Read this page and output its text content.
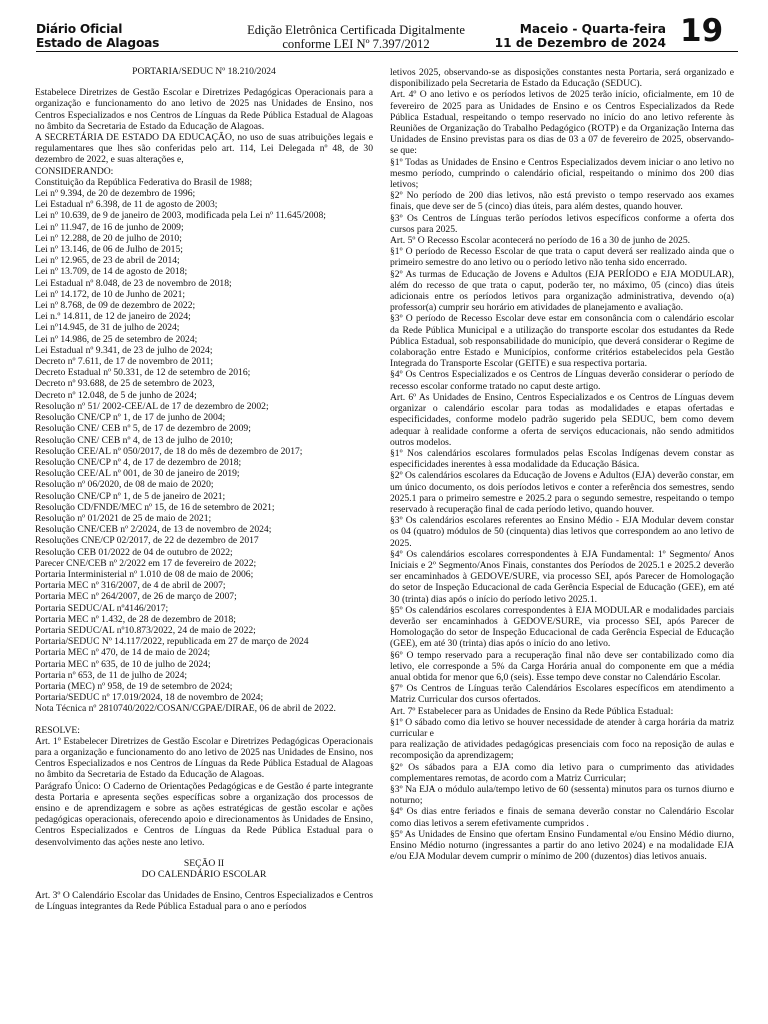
Diário Oficial
Estado de Alagoas
Edição Eletrônica Certificada Digitalmente
conforme LEI Nº 7.397/2012
Maceio - Quarta-feira
11 de Dezembro de 2024 19

PORTARIA/SEDUC Nº 18.210/2024

Estabelece Diretrizes de Gestão Escolar e Diretrizes Pedagógicas Operacionais para a organização e funcionamento do ano letivo de 2025 nas Unidades de Ensino, nos Centros Especializados e nos Centros de Línguas da Rede Pública Estadual de Alagoas no âmbito da Secretaria de Estado da Educação de Alagoas.

A SECRETÁRIA DE ESTADO DA EDUCAÇÃO, no uso de suas atribuições legais e regulamentares que lhes são conferidas pelo art. 114, Lei Delegada nº 48, de 30 dezembro de 2022, e suas alterações e,

CONSIDERANDO:

Constituição da República Federativa do Brasil de 1988;

Lei nº 9.394, de 20 de dezembro de 1996;

Lei Estadual nº 6.398, de 11 de agosto de 2003;

Lei nº 10.639, de 9 de janeiro de 2003, modificada pela Lei nº 11.645/2008;

Lei nº 11.947, de 16 de junho de 2009;

Lei nº 12.288, de 20 de julho de 2010;

Lei nº 13.146, de 06 de Julho de 2015;

Lei nº 12.965, de 23 de abril de 2014;

Lei nº 13.709, de 14 de agosto de 2018;

Lei Estadual nº 8.048, de 23 de novembro de 2018;

Lei nº 14.172, de 10 de Junho de 2021;

Lei nº 8.768, de 09 de dezembro de 2022;

Lei n.º 14.811, de 12 de janeiro de 2024;

Lei nº14.945, de 31 de julho de 2024;

Lei nº 14.986, de 25 de setembro de 2024;

Lei Estadual nº 9.341, de 23 de julho de 2024;

Decreto nº 7.611, de 17 de novembro de 2011;

Decreto Estadual nº 50.331, de 12 de setembro de 2016;

Decreto nº 93.688, de 25 de setembro de 2023,

Decreto nº 12.048, de 5 de junho de 2024;

Resolução nº 51/ 2002-CEE/AL de 17 de dezembro de 2002;

Resolução CNE/CP nº 1, de 17 de junho de 2004;

Resolução CNE/ CEB nº 5, de 17 de dezembro de 2009;

Resolução CNE/ CEB nº 4, de 13 de julho de 2010;

Resolução CEE/AL nº 050/2017, de 18 do mês de dezembro de 2017;

Resolução CNE/CP nº 4, de 17 de dezembro de 2018;

Resolução CEE/AL nº 001, de 30 de janeiro de 2019;

Resolução nº 06/2020, de 08 de maio de 2020;

Resolução CNE/CP nº 1, de 5 de janeiro de 2021;

Resolução CD/FNDE/MEC nº 15, de 16 de setembro de 2021;

Resolução nº 01/2021 de 25 de maio de 2021;

Resolução CNE/CEB nº 2/2024, de 13 de novembro de 2024;

Resoluções CNE/CP 02/2017, de 22 de dezembro de 2017

Resolução CEB 01/2022 de 04 de outubro de 2022;

Parecer CNE/CEB nº 2/2022 em 17 de fevereiro de 2022;

Portaria Interministerial nº 1.010 de 08 de maio de 2006;

Portaria MEC nº 316/2007, de 4 de abril de 2007;

Portaria MEC nº 264/2007, de 26 de março de 2007;

Portaria SEDUC/AL nº4146/2017;

Portaria MEC nº 1.432, de 28 de dezembro de 2018;

Portaria SEDUC/AL nº10.873/2022, 24 de maio de 2022;

Portaria/SEDUC Nº 14.117/2022, republicada em 27 de março de 2024

Portaria MEC nº 470, de 14 de maio de 2024;

Portaria MEC nº 635, de 10 de julho de 2024;

Portaria nº 653, de 11 de julho de 2024;

Portaria (MEC) nº 958, de 19 de setembro de 2024;

Portaria/SEDUC nº 17.019/2024, 18 de novembro de 2024;

Nota Técnica nº 2810740/2022/COSAN/CGPAE/DIRAE, 06 de abril de 2022.

RESOLVE:

Art. 1º Estabelecer Diretrizes de Gestão Escolar e Diretrizes Pedagógicas Operacionais para a organização e funcionamento do ano letivo de 2025 nas Unidades de Ensino, nos Centros Especializados e nos Centros de Línguas da Rede Pública Estadual de Alagoas no âmbito da Secretaria de Estado da Educação de Alagoas.

Parágrafo Único: O Caderno de Orientações Pedagógicas e de Gestão é parte integrante desta Portaria e apresenta seções específicas sobre a organização dos processos de ensino e de aprendizagem e sobre as ações estratégicas de gestão escolar e ações pedagógicas operacionais, oferecendo apoio e direcionamentos às Unidades de Ensino, Centros Especializados e Centros de Línguas da Rede Pública Estadual para o desenvolvimento das ações neste ano letivo.

SEÇÃO II

DO CALENDÁRIO ESCOLAR

Art. 3º O Calendário Escolar das Unidades de Ensino, Centros Especializados e Centros de Línguas integrantes da Rede Pública Estadual para o ano e períodos

letivos 2025, observando-se as disposições constantes nesta Portaria, será organizado e disponibilizado pela Secretaria de Estado da Educação (SEDUC).

Art. 4º O ano letivo e os períodos letivos de 2025 terão início, oficialmente, em 10 de fevereiro de 2025 para as Unidades de Ensino e os Centros Especializados da Rede Pública Estadual, respeitando o tempo reservado no início do ano letivo referente às Reuniões de Organização do Trabalho Pedagógico (ROTP) e da Organização Interna das Unidades de Ensino previstas para os dias de 03 a 07 de fevereiro de 2025, observando-se que:

§1º Todas as Unidades de Ensino e Centros Especializados devem iniciar o ano letivo no mesmo período, cumprindo o calendário oficial, respeitando o mínimo dos 200 dias letivos;

§2º No período de 200 dias letivos, não está previsto o tempo reservado aos exames finais, que deve ser de 5 (cinco) dias úteis, para além destes, quando houver.

§3º Os Centros de Línguas terão períodos letivos específicos conforme a oferta dos cursos para 2025.

Art. 5º O Recesso Escolar acontecerá no período de 16 a 30 de junho de 2025.

§1º O período de Recesso Escolar de que trata o caput deverá ser realizado ainda que o primeiro semestre do ano letivo ou o período letivo não tenha sido encerrado.

§2º As turmas de Educação de Jovens e Adultos (EJA PERÍODO e EJA MODULAR), além do recesso de que trata o caput, poderão ter, no máximo, 05 (cinco) dias úteis adicionais entre os períodos letivos para organização administrativa, devendo o(a) professor(a) cumprir seu horário em atividades de planejamento e avaliação.

§3º O período de Recesso Escolar deve estar em consonância com o calendário escolar da Rede Pública Municipal e a utilização do transporte escolar dos estudantes da Rede Pública Estadual, sob responsabilidade do município, que deverá considerar o Regime de colaboração entre Estado e Municípios, conforme critérios estabelecidos pela Gestão Integrada do Transporte Escolar (GEITE) e sua respectiva portaria.

§4º Os Centros Especializados e os Centros de Línguas deverão considerar o período de recesso escolar conforme tratado no caput deste artigo.

Art. 6º As Unidades de Ensino, Centros Especializados e os Centros de Línguas devem organizar o calendário escolar para todas as modalidades e etapas ofertadas e especificidades, conforme modelo padrão sugerido pela SEDUC, bem como devem adequar à realidade conforme a oferta de serviços educacionais, não sendo admitidos outros modelos.

§1º Nos calendários escolares formulados pelas Escolas Indígenas devem constar as especificidades inerentes à essa modalidade da Educação Básica.

§2º Os calendários escolares da Educação de Jovens e Adultos (EJA) deverão constar, em um único documento, os dois períodos letivos e conter a referência dos semestres, sendo 2025.1 para o primeiro semestre e 2025.2 para o segundo semestre, respeitando o tempo reservado à recuperação final de cada período letivo, quando houver.

§3º Os calendários escolares referentes ao Ensino Médio - EJA Modular devem constar os 04 (quatro) módulos de 50 (cinquenta) dias letivos que correspondem ao ano letivo de 2025.

§4º Os calendários escolares correspondentes à EJA Fundamental: 1º Segmento/ Anos Iniciais e 2º Segmento/Anos Finais, constantes dos Períodos de 2025.1 e 2025.2 deverão ser encaminhados à GEDOVE/SURE, via processo SEI, após Parecer de Homologação do setor de Inspeção Educacional de cada Gerência Especial de Educação (GEE), em até 30 (trinta) dias após o início do período letivo 2025.1.

§5º Os calendários escolares correspondentes à EJA MODULAR e modalidades parciais deverão ser encaminhados à GEDOVE/SURE, via processo SEI, após Parecer de Homologação do setor de Inspeção Educacional de cada Gerência Especial de Educação (GEE), em até 30 (trinta) dias após o início do ano letivo.

§6º O tempo reservado para a recuperação final não deve ser contabilizado como dia letivo, ele corresponde a 5% da Carga Horária anual do componente em que a média anual obtida for menor que 6,0 (seis). Esse tempo deve constar no Calendário Escolar.

§7º Os Centros de Línguas terão Calendários Escolares específicos em atendimento a Matriz Curricular dos cursos ofertados.

Art. 7º Estabelecer para as Unidades de Ensino da Rede Pública Estadual:

§1º O sábado como dia letivo se houver necessidade de atender à carga horária da matriz curricular e

para realização de atividades pedagógicas presenciais com foco na reposição de aulas e recomposição da aprendizagem;

§2º Os sábados para a EJA como dia letivo para o cumprimento das atividades complementares remotas, de acordo com a Matriz Curricular;

§3º Na EJA o módulo aula/tempo letivo de 60 (sessenta) minutos para os turnos diurno e noturno;

§4º Os dias entre feriados e finais de semana deverão constar no Calendário Escolar como dias letivos a serem efetivamente cumpridos .

§5º As Unidades de Ensino que ofertam Ensino Fundamental e/ou Ensino Médio diurno, Ensino Médio noturno (ingressantes a partir do ano letivo 2024) e na modalidade EJA e/ou EJA Modular devem cumprir o mínimo de 200 (duzentos) dias letivos anuais.
